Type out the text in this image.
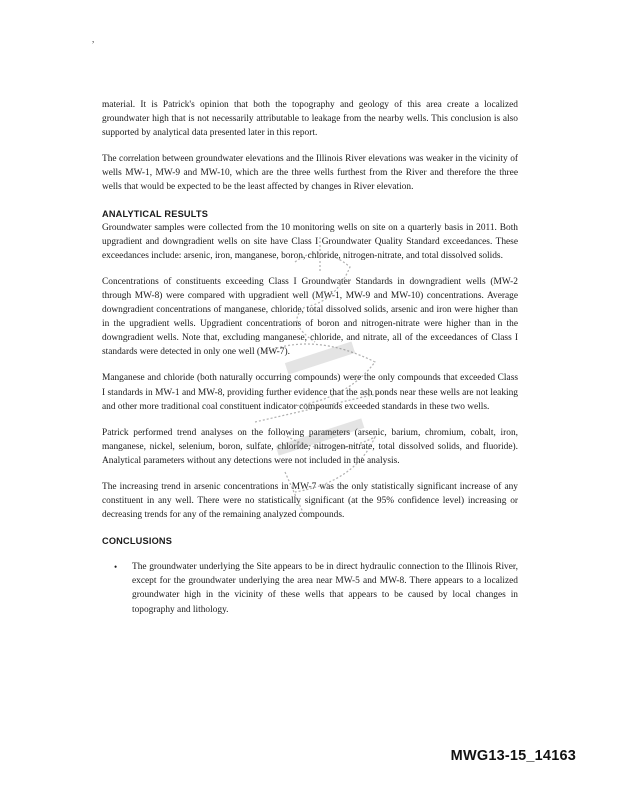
,

material. It is Patrick's opinion that both the topography and geology of this area create a localized groundwater high that is not necessarily attributable to leakage from the nearby wells. This conclusion is also supported by analytical data presented later in this report.

The correlation between groundwater elevations and the Illinois River elevations was weaker in the vicinity of wells MW-1, MW-9 and MW-10, which are the three wells furthest from the River and therefore the three wells that would be expected to be the least affected by changes in River elevation.

ANALYTICAL RESULTS

Groundwater samples were collected from the 10 monitoring wells on site on a quarterly basis in 2011. Both upgradient and downgradient wells on site have Class I Groundwater Quality Standard exceedances. These exceedances include: arsenic, iron, manganese, boron, chloride, nitrogen-nitrate, and total dissolved solids.

Concentrations of constituents exceeding Class I Groundwater Standards in downgradient wells (MW-2 through MW-8) were compared with upgradient well (MW-1, MW-9 and MW-10) concentrations. Average downgradient concentrations of manganese, chloride, total dissolved solids, arsenic and iron were higher than in the upgradient wells. Upgradient concentrations of boron and nitrogen-nitrate were higher than in the downgradient wells. Note that, excluding manganese, chloride, and nitrate, all of the exceedances of Class I standards were detected in only one well (MW-7).

Manganese and chloride (both naturally occurring compounds) were the only compounds that exceeded Class I standards in MW-1 and MW-8, providing further evidence that the ash ponds near these wells are not leaking and other more traditional coal constituent indicator compounds exceeded standards in these two wells.

Patrick performed trend analyses on the following parameters (arsenic, barium, chromium, cobalt, iron, manganese, nickel, selenium, boron, sulfate, chloride, nitrogen-nitrate, total dissolved solids, and fluoride). Analytical parameters without any detections were not included in the analysis.

The increasing trend in arsenic concentrations in MW-7 was the only statistically significant increase of any constituent in any well. There were no statistically significant (at the 95% confidence level) increasing or decreasing trends for any of the remaining analyzed compounds.

CONCLUSIONS
•	The groundwater underlying the Site appears to be in direct hydraulic connection to the Illinois River, except for the groundwater underlying the area near MW-5 and MW-8. There appears to a localized groundwater high in the vicinity of these wells that appears to be caused by local changes in topography and lithology.
MWG13-15_14163
